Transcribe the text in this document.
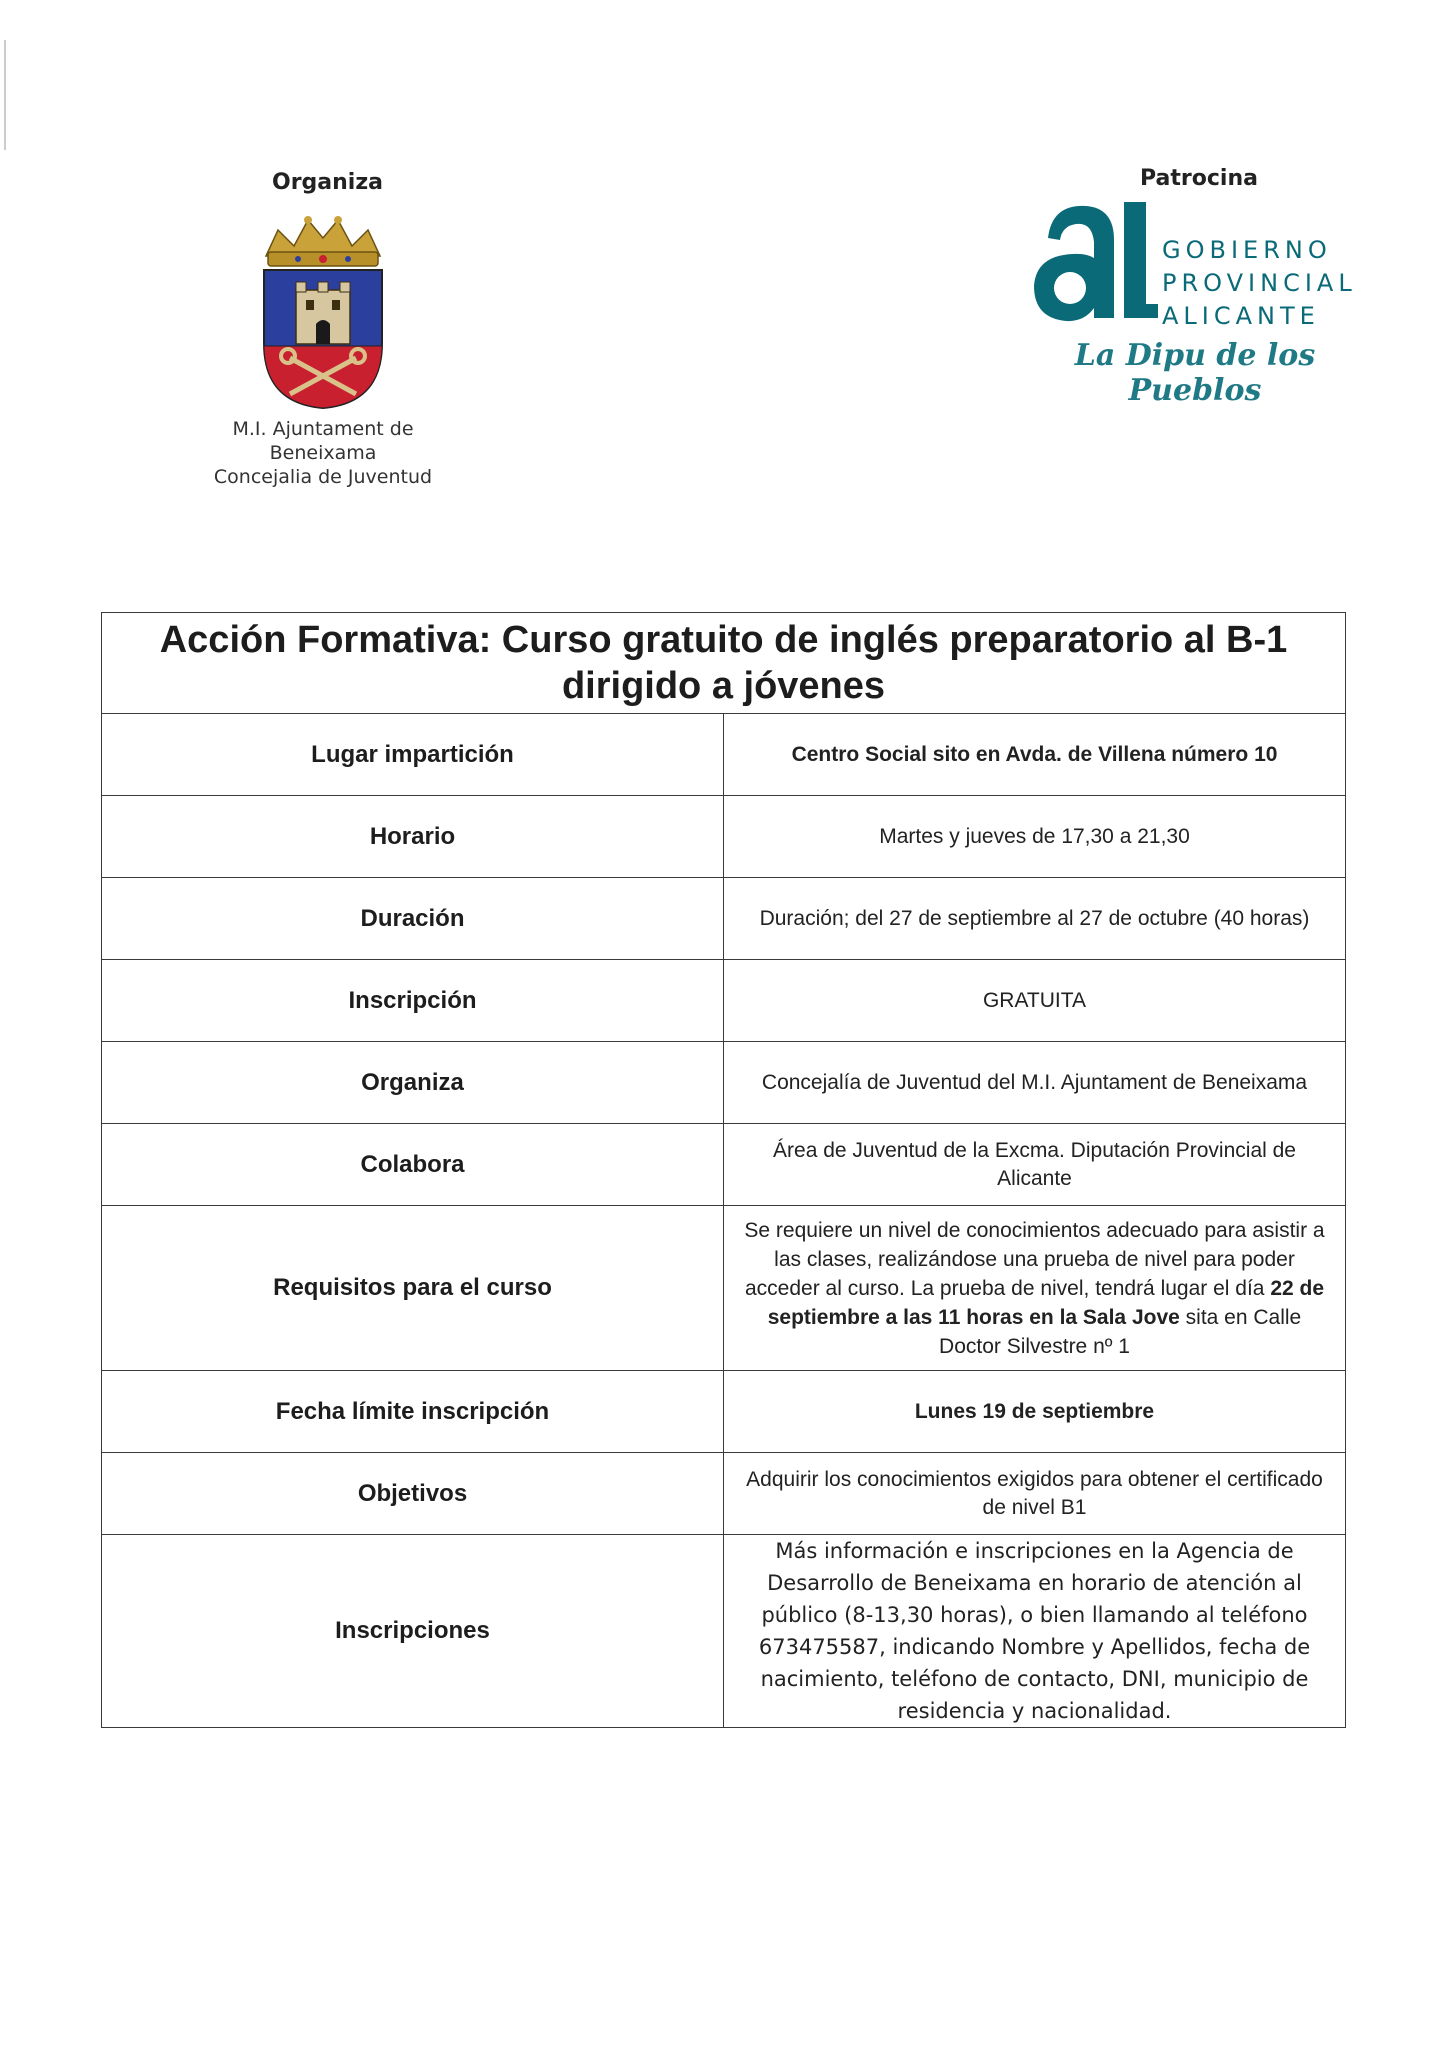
Organiza
M.I. Ajuntament de
Beneixama
Concejalia de Juventud
Patrocina
GOBIERNO
PROVINCIAL
ALICANTE
La Dipu de los Pueblos
Acción Formativa: Curso gratuito de inglés preparatorio al B-1 dirigido a jóvenes	
Lugar impartición	Centro Social sito en Avda. de Villena número 10
Horario	Martes y jueves de 17,30 a 21,30
Duración	Duración; del 27 de septiembre al 27 de octubre (40 horas)
Inscripción	GRATUITA
Organiza	Concejalía de Juventud del M.I. Ajuntament de Beneixama
Colabora	Área de Juventud de la Excma. Diputación Provincial de Alicante
Requisitos para el curso	Se requiere un nivel de conocimientos adecuado para asistir a las clases, realizándose una prueba de nivel para poder acceder al curso. La prueba de nivel, tendrá lugar el día 22 de septiembre a las 11 horas en la Sala Jove sita en Calle Doctor Silvestre nº 1
Fecha límite inscripción	Lunes 19 de septiembre
Objetivos	Adquirir los conocimientos exigidos para obtener el certificado de nivel B1
Inscripciones	Más información e inscripciones en la Agencia de Desarrollo de Beneixama en horario de atención al público (8-13,30 horas), o bien llamando al teléfono 673475587, indicando Nombre y Apellidos, fecha de nacimiento, teléfono de contacto, DNI, municipio de residencia y nacionalidad.
